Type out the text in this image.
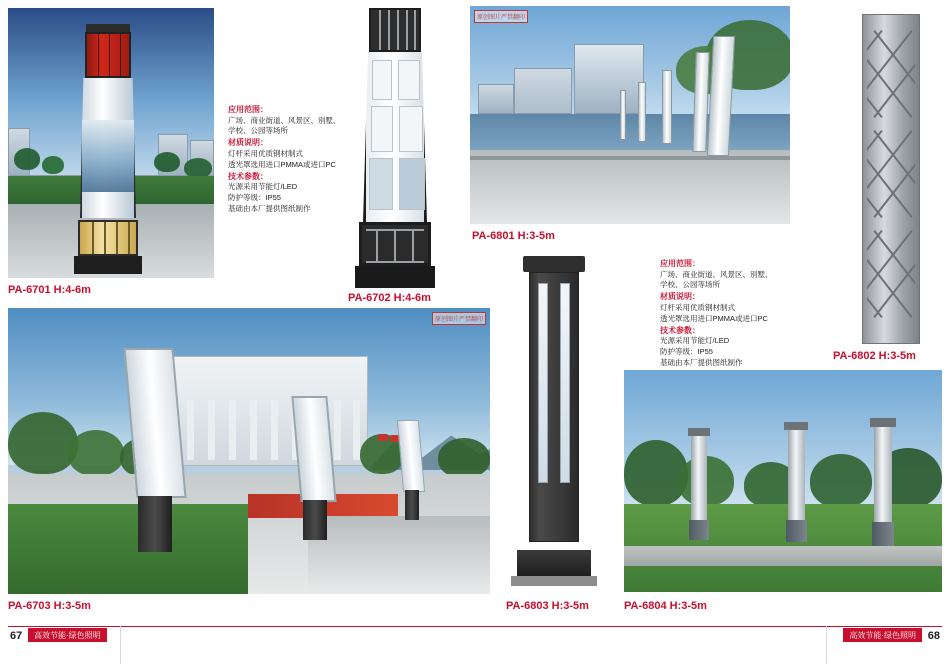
PA-6701 H:4-6m
应用范围：
广场、商业街道、风景区、别墅、
学校、公园等场所
材质说明：
灯杆采用优质钢材制式
透光罩选用进口PMMA或进口PC
技术参数：
光源采用节能灯/LED
防护等级：IP55
基础由本厂提供图纸制作
PA-6702 H:4-6m
原创图片严禁翻印
PA-6801 H:3-5m
PA-6802 H:3-5m
应用范围：
广场、商业街道、风景区、别墅、
学校、公园等场所
材质说明：
灯杆采用优质钢材制式
透光罩选用进口PMMA或进口PC
技术参数：
光源采用节能灯/LED
防护等级：IP55
基础由本厂提供图纸制作
原创图片严禁翻印
PA-6703 H:3-5m	PA-6803 H:3-5m	PA-6804 H:3-5m
67	高效节能·绿色照明	68
高效节能·绿色照明
